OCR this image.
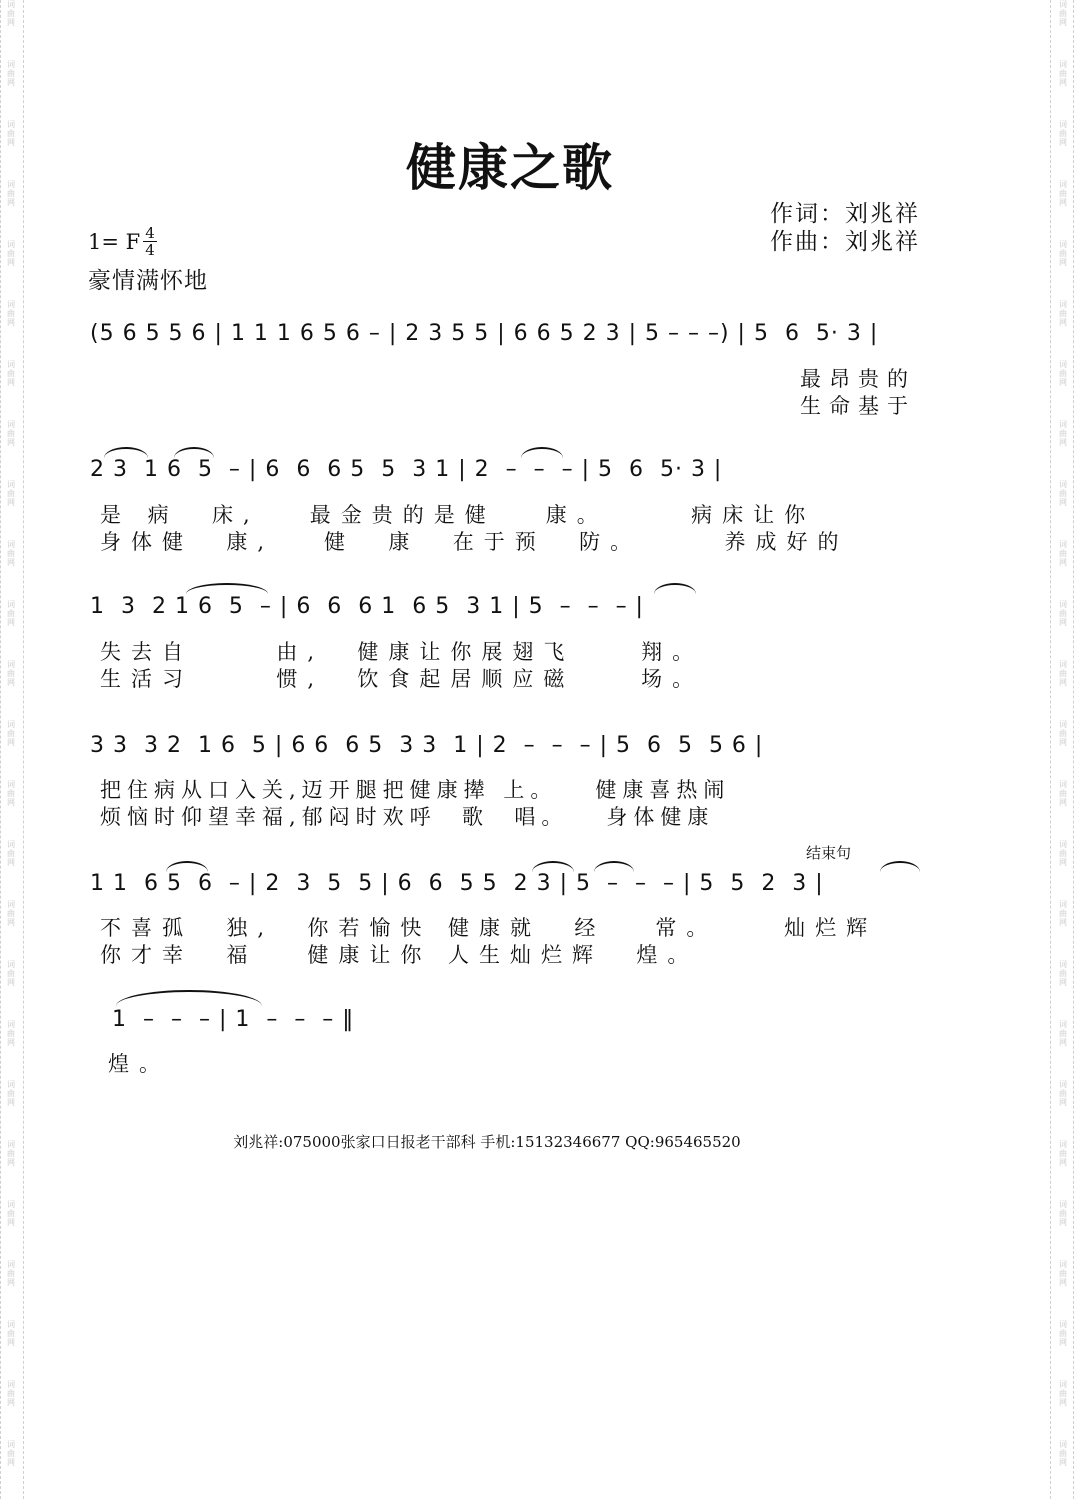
词
曲
网
词
曲
网
词
曲
网
词
曲
网
词
曲
网
词
曲
网
词
曲
网
词
曲
网
词
曲
网
词
曲
网
词
曲
网
词
曲
网
词
曲
网
词
曲
网
词
曲
网
词
曲
网
词
曲
网
词
曲
网
词
曲
网
词
曲
网
词
曲
网
词
曲
网
词
曲
网
词
曲
网
词
曲
网
词
曲
网
词
曲
网
词
曲
网
词
曲
网
词
曲
网
词
曲
网
词
曲
网
词
曲
网
词
曲
网
词
曲
网
词
曲
网
词
曲
网
词
曲
网
词
曲
网
词
曲
网
词
曲
网
词
曲
网
词
曲
网
词
曲
网
词
曲
网
词
曲
网
词
曲
网
词
曲
网
词
曲
网
词
曲
网
健康之歌
作词：刘兆祥
作曲：刘兆祥
1= F 4
4
豪情满怀地
(5 6 5 5 6 | 1 1 1 6 5 6 – | 2 3 5 5 | 6 6 5 2 3 | 5 – – –) | 5  6  5· 3 |
最昂贵的
生命基于
2 3  1 6  5  – | 6  6  6 5  5  3 1 | 2  –  –  – | 5  6  5· 3 |
是 病  床,   最金贵的是健   康。     病床让你
身体健  康,   健  康  在于预  防。     养成好的
1  3  2 1 6  5  – | 6  6  6 1  6 5  3 1 | 5  –  –  – |
失去自     由,  健康让你展翅飞    翔。
生活习     惯,  饮食起居顺应磁    场。
3 3  3 2  1 6  5 | 6 6  6 5  3 3  1 | 2  –  –  – | 5  6  5  5 6 |
把住病从口入关,迈开腿把健康撵 上。   健康喜热闹
烦恼时仰望幸福,郁闷时欢呼  歌  唱。   身体健康
结束句
1 1  6 5  6  – | 2  3  5  5 | 6  6  5 5  2 3 | 5  –  –  – | 5  5  2  3 |
不喜孤  独,  你若愉快 健康就  经   常。    灿烂辉
你才幸  福   健康让你 人生灿烂辉  煌。
1  –  –  – | 1  –  –  – ‖
煌。
刘兆祥:075000张家口日报老干部科 手机:15132346677 QQ:965465520
